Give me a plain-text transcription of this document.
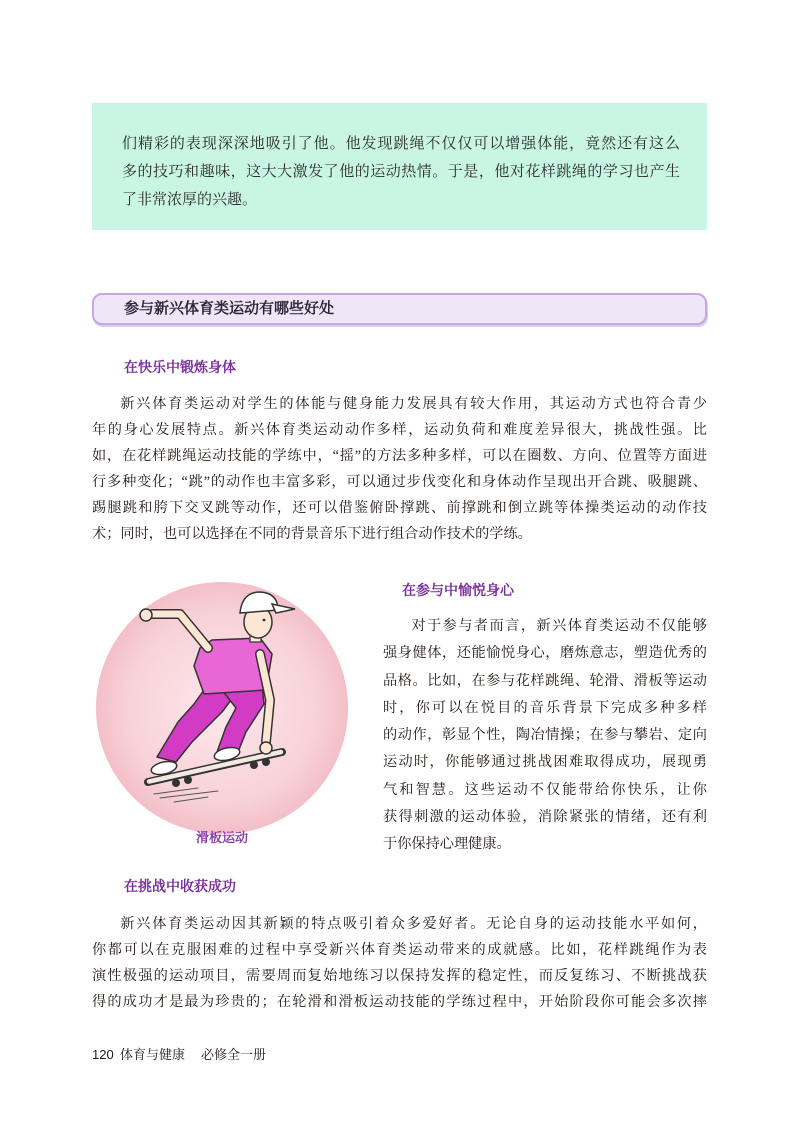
们精彩的表现深深地吸引了他。他发现跳绳不仅仅可以增强体能，竟然还有这么
多的技巧和趣味，这大大激发了他的运动热情。于是，他对花样跳绳的学习也产生
了非常浓厚的兴趣。
参与新兴体育类运动有哪些好处
在快乐中锻炼身体
新兴体育类运动对学生的体能与健身能力发展具有较大作用，其运动方式也符合青少
年的身心发展特点。新兴体育类运动动作多样，运动负荷和难度差异很大，挑战性强。比
如，在花样跳绳运动技能的学练中，“摇”的方法多种多样，可以在圈数、方向、位置等方面进
行多种变化；“跳”的动作也丰富多彩，可以通过步伐变化和身体动作呈现出开合跳、吸腿跳、
踢腿跳和胯下交叉跳等动作，还可以借鉴俯卧撑跳、前撑跳和倒立跳等体操类运动的动作技
术；同时，也可以选择在不同的背景音乐下进行组合动作技术的学练。
滑板运动
在参与中愉悦身心
对于参与者而言，新兴体育类运动不仅能够
强身健体，还能愉悦身心，磨炼意志，塑造优秀的
品格。比如，在参与花样跳绳、轮滑、滑板等运动
时，你可以在悦目的音乐背景下完成多种多样
的动作，彰显个性，陶冶情操；在参与攀岩、定向
运动时，你能够通过挑战困难取得成功，展现勇
气和智慧。这些运动不仅能带给你快乐，让你
获得刺激的运动体验，消除紧张的情绪，还有利
于你保持心理健康。
在挑战中收获成功
新兴体育类运动因其新颖的特点吸引着众多爱好者。无论自身的运动技能水平如何，
你都可以在克服困难的过程中享受新兴体育类运动带来的成就感。比如，花样跳绳作为表
演性极强的运动项目，需要周而复始地练习以保持发挥的稳定性，而反复练习、不断挑战获
得的成功才是最为珍贵的；在轮滑和滑板运动技能的学练过程中，开始阶段你可能会多次摔
120 体育与健康 必修全一册
